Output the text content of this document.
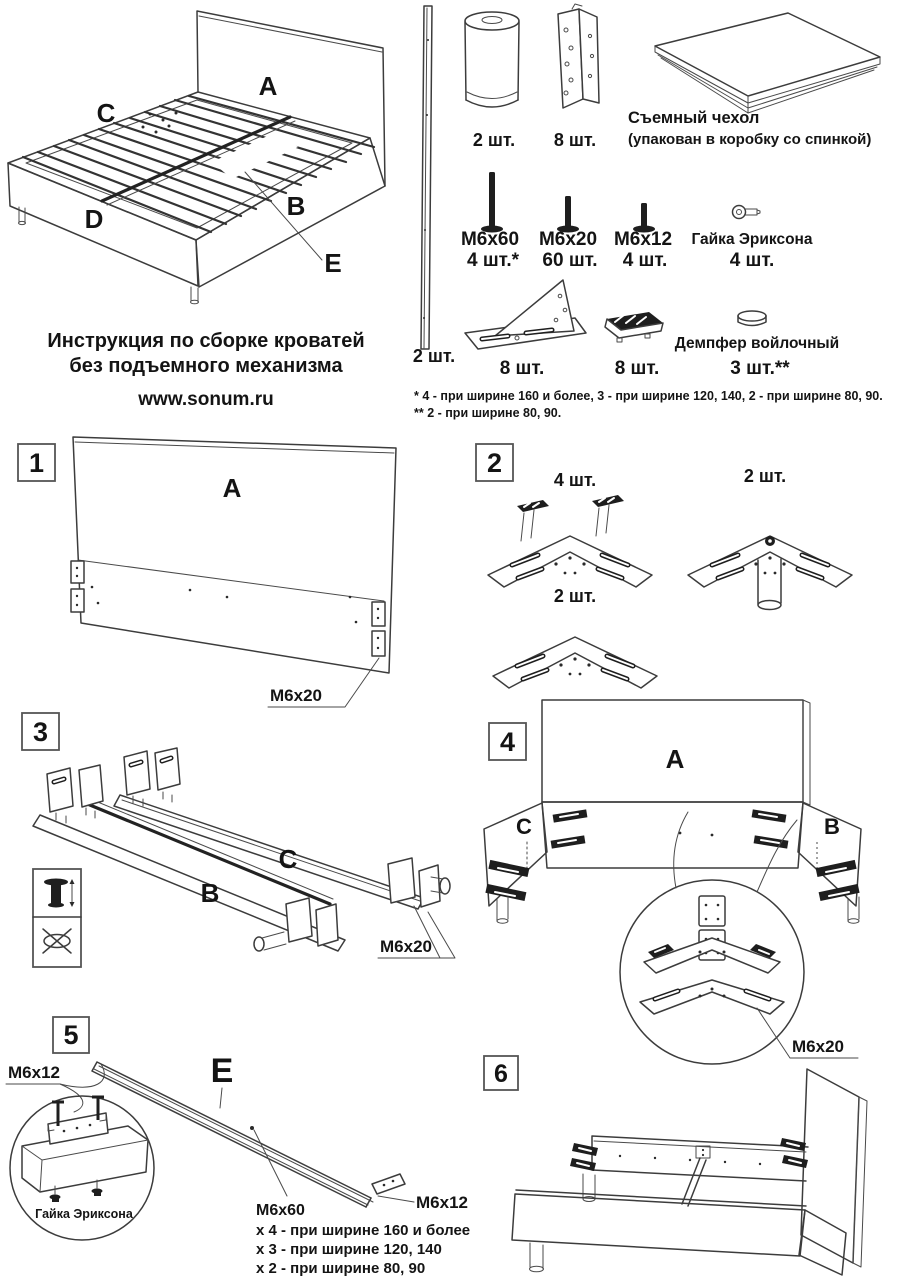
A
C
B
D
E
Инструкция по сборке кроватей
без подъемного механизма
www.sonum.ru
2 шт.
2 шт. 8 шт.
Съемный чехол
(упакован в коробку со спинкой)
M6x60
4 шт.*
M6x20
60 шт.
M6x12
4 шт.
Гайка Эриксона
4 шт.
8 шт.	8 шт.
Демпфер войлочный
3 шт.**
* 4 - при ширине 160 и более, 3 - при ширине 120, 140, 2 - при ширине 80, 90.
** 2 - при ширине 80, 90.
1
A
M6x20
2
4 шт.
2 шт.
2 шт.
3
B
C
M6x20
4
A
C	B
M6x20
5
M6x12	E
Гайка Эриксона	M6x60
x 4 - при ширине 160 и более
x 3 - при ширине 120, 140
x 2 - при ширине 80, 90
M6x12
6
